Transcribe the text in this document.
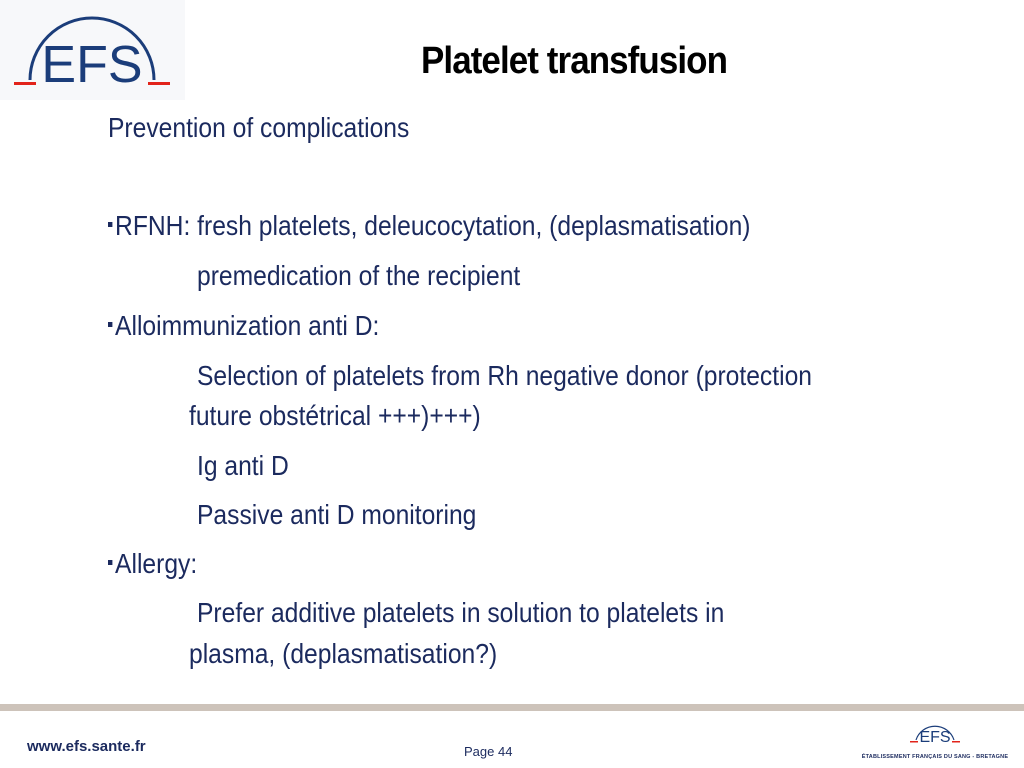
EFS	Platelet transfusion
Prevention of complications
RFNH: fresh platelets, deleucocytation, (deplasmatisation)
premedication of the recipient
Alloimmunization anti D:
Selection of platelets from Rh negative donor (protection
future obstétrical +++)+++)
Ig anti D
Passive anti D monitoring
Allergy:
Prefer additive platelets in solution to platelets in
plasma, (deplasmatisation?)
www.efs.sante.fr	Page 44
EFS
ÉTABLISSEMENT FRANÇAIS DU SANG - BRETAGNE
